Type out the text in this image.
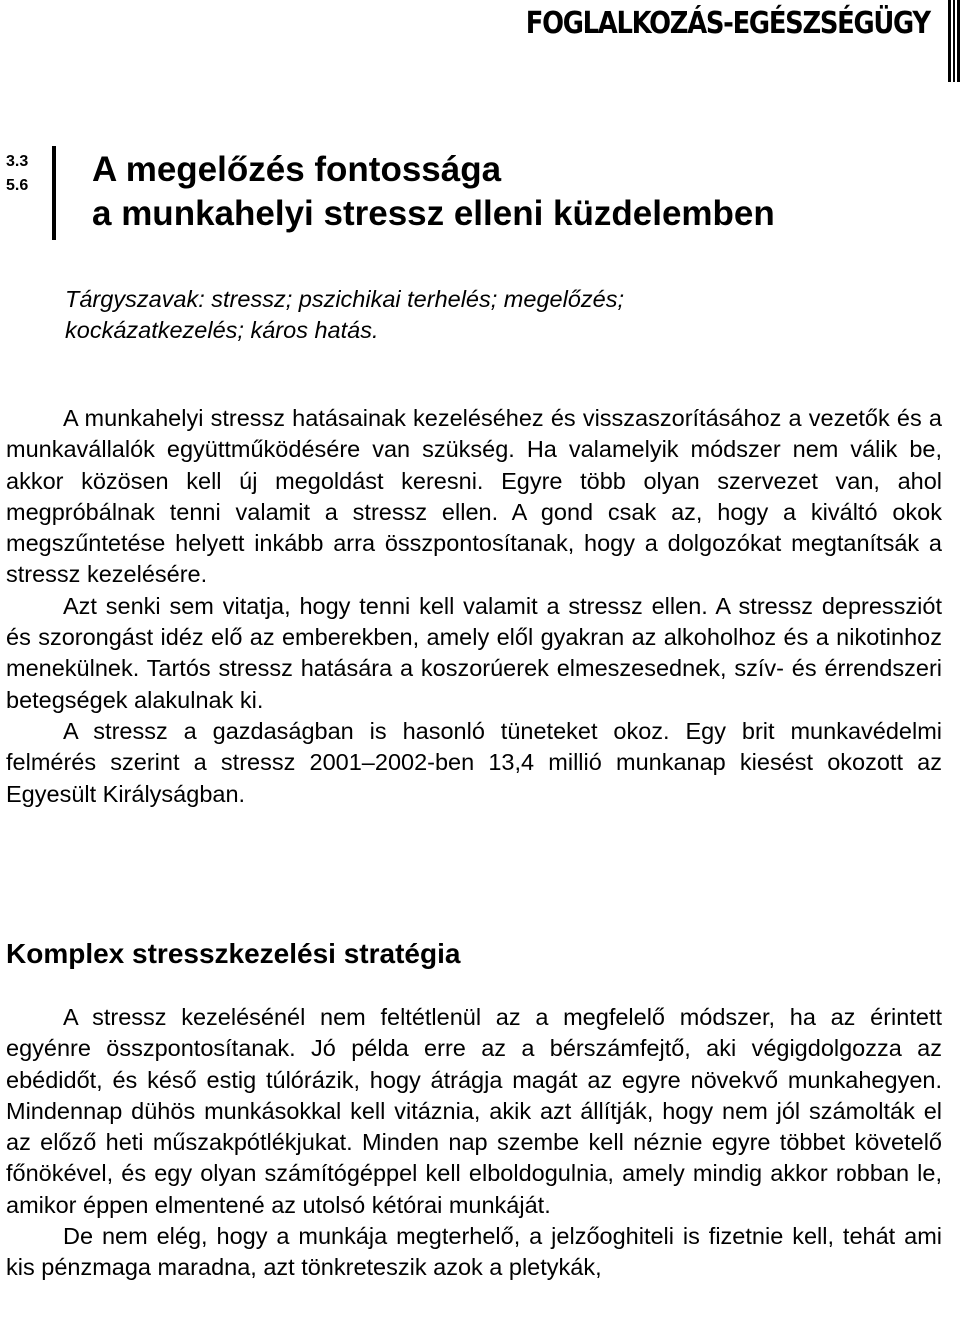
FOGLALKOZÁS-EGÉSZSÉGÜGY
3.3
5.6 A megelőzés fontossága
a munkahelyi stressz elleni küzdelemben
Tárgyszavak: stressz; pszichikai terhelés; megelőzés;
kockázatkezelés; káros hatás.

A munkahelyi stressz hatásainak kezeléséhez és visszaszorításához a vezetők és a munkavállalók együttműködésére van szükség. Ha valamelyik módszer nem válik be, akkor közösen kell új megoldást keresni. Egyre több olyan szervezet van, ahol megpróbálnak tenni valamit a stressz ellen. A gond csak az, hogy a kiváltó okok megszűntetése helyett inkább arra összpontosítanak, hogy a dolgozókat megtanítsák a stressz kezelésére.

Azt senki sem vitatja, hogy tenni kell valamit a stressz ellen. A stressz depressziót és szorongást idéz elő az emberekben, amely elől gyakran az alkoholhoz és a nikotinhoz menekülnek. Tartós stressz hatására a koszorúerek elmeszesednek, szív- és érrendszeri betegségek alakulnak ki.

A stressz a gazdaságban is hasonló tüneteket okoz. Egy brit munkavédelmi felmérés szerint a stressz 2001–2002-ben 13,4 millió munkanap kiesést okozott az Egyesült Királyságban.

Komplex stresszkezelési stratégia

A stressz kezelésénél nem feltétlenül az a megfelelő módszer, ha az érintett egyénre összpontosítanak. Jó példa erre az a bérszámfejtő, aki végigdolgozza az ebédidőt, és késő estig túlórázik, hogy átrágja magát az egyre növekvő munkahegyen. Mindennap dühös munkásokkal kell vitáznia, akik azt állítják, hogy nem jól számolták el az előző heti műszakpótlékjukat. Minden nap szembe kell néznie egyre többet követelő főnökével, és egy olyan számítógéppel kell elboldogulnia, amely mindig akkor robban le, amikor éppen elmentené az utolsó kétórai munkáját.

De nem elég, hogy a munkája megterhelő, a jelzőoghiteli is fizetnie kell, tehát ami kis pénzmaga maradna, azt tönkreteszik azok a pletykák,
